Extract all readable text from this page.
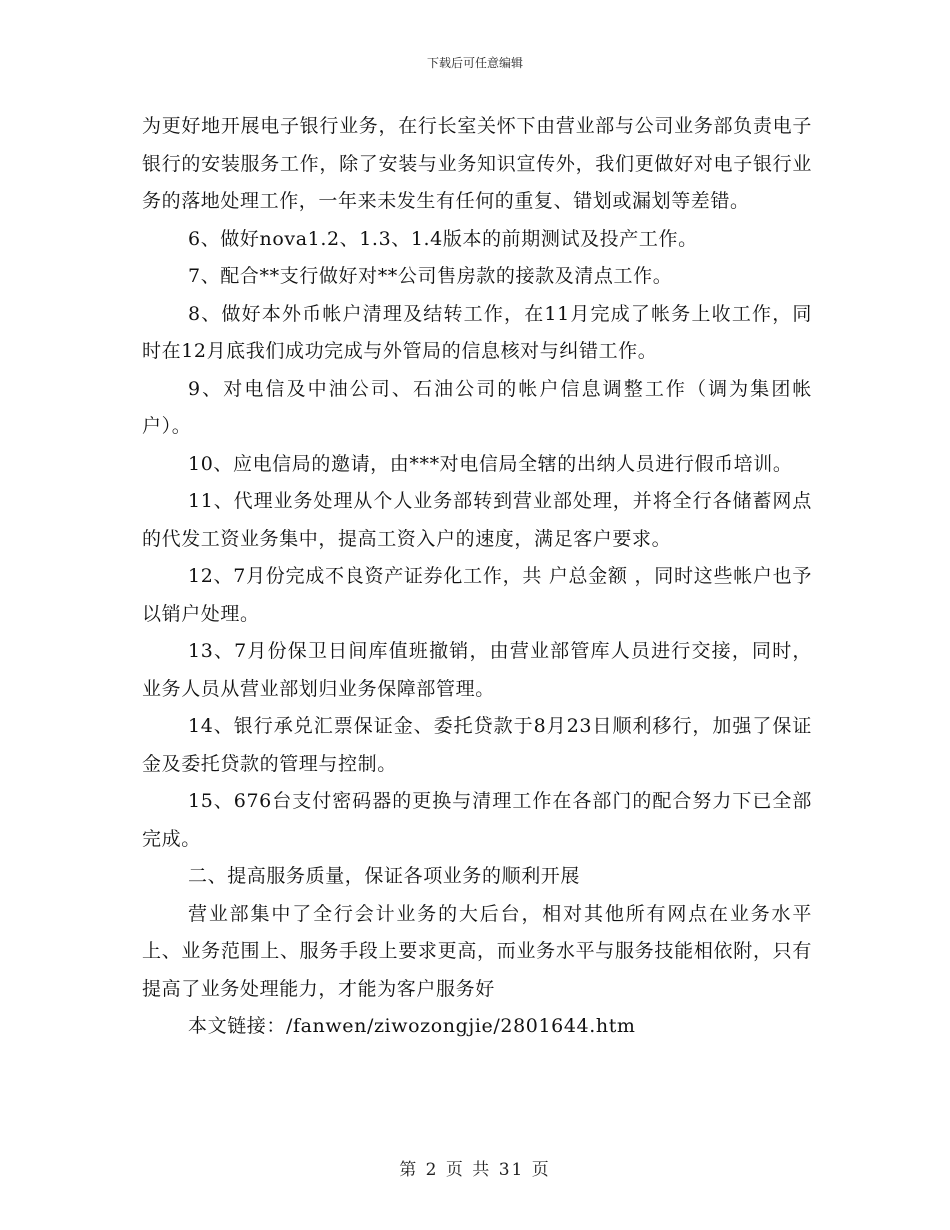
下载后可任意编辑

为更好地开展电子银行业务，在行长室关怀下由营业部与公司业务部负责电子银行的安装服务工作，除了安装与业务知识宣传外，我们更做好对电子银行业务的落地处理工作，一年来未发生有任何的重复、错划或漏划等差错。

6、做好nova1.2、1.3、1.4版本的前期测试及投产工作。

7、配合**支行做好对**公司售房款的接款及清点工作。

8、做好本外币帐户清理及结转工作，在11月完成了帐务上收工作，同时在12月底我们成功完成与外管局的信息核对与纠错工作。

9、对电信及中油公司、石油公司的帐户信息调整工作（调为集团帐户）。

10、应电信局的邀请，由***对电信局全辖的出纳人员进行假币培训。

11、代理业务处理从个人业务部转到营业部处理，并将全行各储蓄网点的代发工资业务集中，提高工资入户的速度，满足客户要求。

12、7月份完成不良资产证券化工作，共 户总金额 ，同时这些帐户也予以销户处理。

13、7月份保卫日间库值班撤销，由营业部管库人员进行交接，同时，业务人员从营业部划归业务保障部管理。

14、银行承兑汇票保证金、委托贷款于8月23日顺利移行，加强了保证金及委托贷款的管理与控制。

15、676台支付密码器的更换与清理工作在各部门的配合努力下已全部完成。

二、提高服务质量，保证各项业务的顺利开展

营业部集中了全行会计业务的大后台，相对其他所有网点在业务水平上、业务范围上、服务手段上要求更高，而业务水平与服务技能相依附，只有提高了业务处理能力，才能为客户服务好

本文链接：/fanwen/ziwozongjie/2801644.htm

第 2 页 共 31 页
